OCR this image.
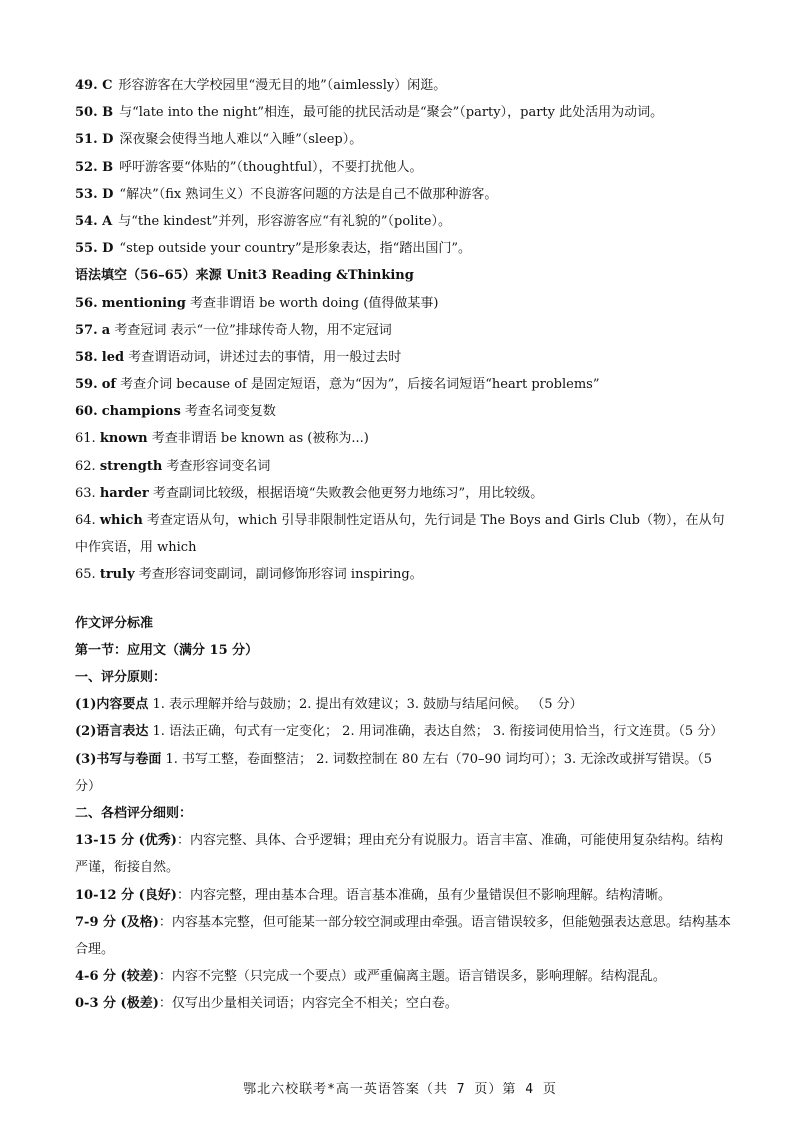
49. C 形容游客在大学校园里“漫无目的地”（aimlessly）闲逛。
50. B 与“late into the night”相连，最可能的扰民活动是“聚会”（party），party 此处活用为动词。
51. D 深夜聚会使得当地人难以“入睡”（sleep）。
52. B 呼吁游客要“体贴的”（thoughtful），不要打扰他人。
53. D “解决”（fix 熟词生义）不良游客问题的方法是自己不做那种游客。
54. A 与“the kindest”并列，形容游客应“有礼貌的”（polite）。
55. D “step outside your country”是形象表达，指“踏出国门”。
语法填空（56–65）来源 Unit3 Reading &Thinking
56. mentioning 考查非谓语 be worth doing (值得做某事)
57. a 考查冠词 表示“一位”排球传奇人物，用不定冠词
58. led 考查谓语动词，讲述过去的事情，用一般过去时
59. of 考查介词 because of 是固定短语，意为“因为”，后接名词短语“heart problems”
60. champions 考查名词变复数
61. known 考查非谓语 be known as (被称为...)
62. strength 考查形容词变名词
63. harder 考查副词比较级，根据语境“失败教会他更努力地练习”，用比较级。
64. which 考查定语从句，which 引导非限制性定语从句，先行词是 The Boys and Girls Club（物），在从句中作宾语，用 which
65. truly 考查形容词变副词，副词修饰形容词 inspiring。
作文评分标准
第一节：应用文（满分 15 分）
一、评分原则：
(1)内容要点 1. 表示理解并给与鼓励；2. 提出有效建议；3. 鼓励与结尾问候。 （5 分）
(2)语言表达 1. 语法正确，句式有一定变化； 2. 用词准确，表达自然； 3. 衔接词使用恰当，行文连贯。（5 分）
(3)书写与卷面 1. 书写工整，卷面整洁； 2. 词数控制在 80 左右（70–90 词均可）；3. 无涂改或拼写错误。（5 分）
二、各档评分细则：
13-15 分 (优秀)：内容完整、具体、合乎逻辑；理由充分有说服力。语言丰富、准确，可能使用复杂结构。结构严谨，衔接自然。
10-12 分 (良好)：内容完整，理由基本合理。语言基本准确，虽有少量错误但不影响理解。结构清晰。
7-9 分 (及格)：内容基本完整，但可能某一部分较空洞或理由牵强。语言错误较多，但能勉强表达意思。结构基本合理。
4-6 分 (较差)：内容不完整（只完成一个要点）或严重偏离主题。语言错误多，影响理解。结构混乱。
0-3 分 (极差)：仅写出少量相关词语；内容完全不相关；空白卷。
鄂北六校联考*高一英语答案（共 7 页）第 4 页
